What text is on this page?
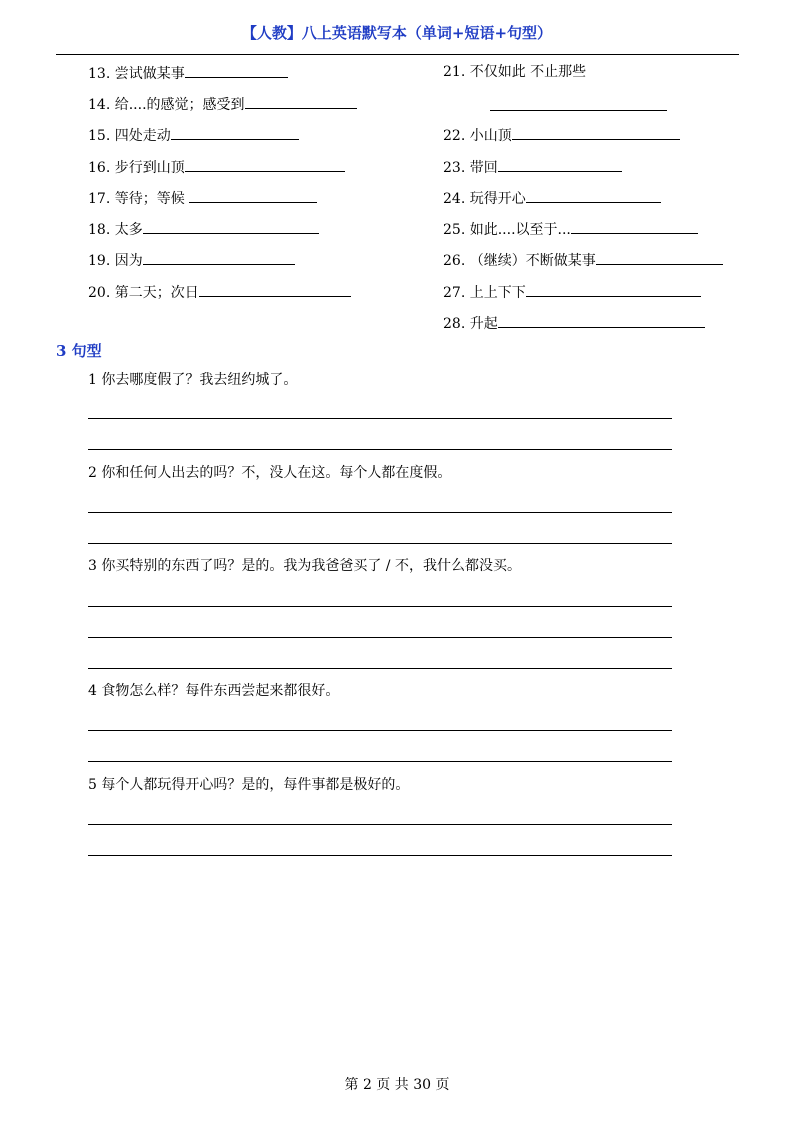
【人教】八上英语默写本（单词+短语+句型）
13. 尝试做某事
14. 给....的感觉；感受到
15. 四处走动
16. 步行到山顶
17. 等待；等候
18. 太多
19. 因为
20. 第二天；次日
21. 不仅如此 不止那些
22. 小山顶
23. 带回
24. 玩得开心
25. 如此....以至于...
26. （继续）不断做某事
27. 上上下下
28. 升起
3 句型
1 你去哪度假了？我去纽约城了。
2 你和任何人出去的吗？不，没人在这。每个人都在度假。
3 你买特别的东西了吗？是的。我为我爸爸买了 / 不，我什么都没买。
4 食物怎么样？每件东西尝起来都很好。
5 每个人都玩得开心吗？是的，每件事都是极好的。
第 2 页 共 30 页
